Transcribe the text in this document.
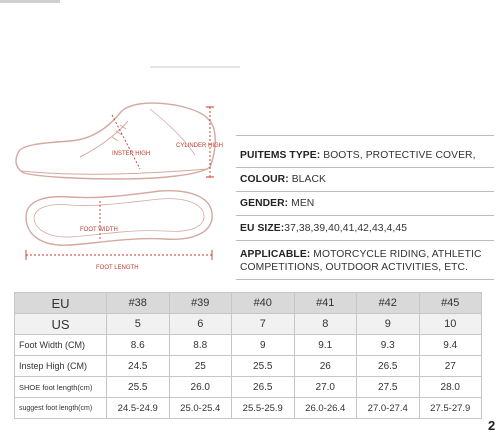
INSTEP HIGH
CYLINDER HIGH
FOOT WIDTH
FOOT LENGTH
PUITEMS TYPE: BOOTS, PROTECTIVE COVER,
COLOUR: BLACK
GENDER: MEN
EU SIZE:37,38,39,40,41,42,43,4,45
APPLICABLE: MOTORCYCLE RIDING, ATHLETIC COMPETITIONS, OUTDOOR ACTIVITIES, ETC.
EU	#38	#39	#40	#41	#42	#45
US	5	6	7	8	9	10
Foot Width (CM)	8.6	8.8	9	9.1	9.3	9.4
Instep High (CM)	24.5	25	25.5	26	26.5	27
SHOE foot length(cm)	25.5	26.0	26.5	27.0	27.5	28.0
suggest foot length(cm)	24.5-24.9	25.0-25.4	25.5-25.9	26.0-26.4	27.0-27.4	27.5-27.9
2
